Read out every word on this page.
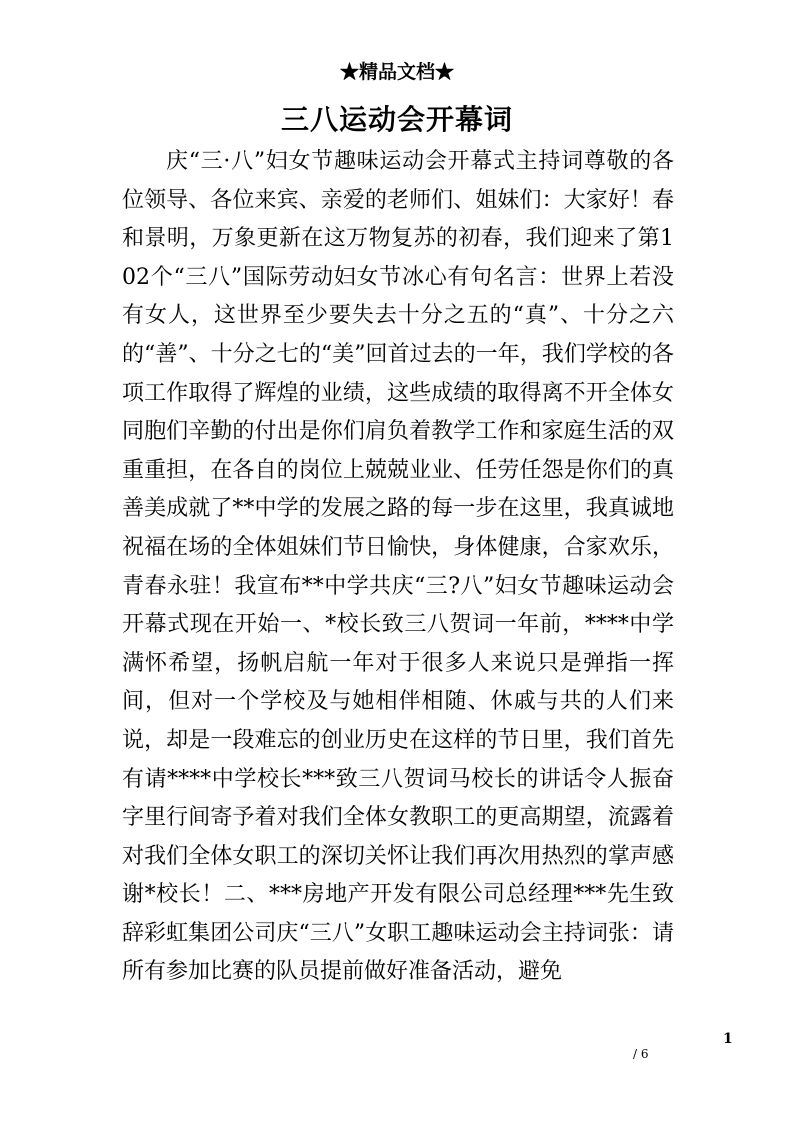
★精品文档★
三八运动会开幕词

庆“三·八”妇女节趣味运动会开幕式主持词尊敬的各位领导、各位来宾、亲爱的老师们、姐妹们：大家好！春和景明，万象更新在这万物复苏的初春，我们迎来了第102个“三八”国际劳动妇女节冰心有句名言：世界上若没有女人，这世界至少要失去十分之五的“真”、十分之六的“善”、十分之七的“美”回首过去的一年，我们学校的各项工作取得了辉煌的业绩，这些成绩的取得离不开全体女同胞们辛勤的付出是你们肩负着教学工作和家庭生活的双重重担，在各自的岗位上兢兢业业、任劳任怨是你们的真善美成就了**中学的发展之路的每一步在这里，我真诚地祝福在场的全体姐妹们节日愉快，身体健康，合家欢乐，青春永驻！我宣布**中学共庆“三?八”妇女节趣味运动会开幕式现在开始一、*校长致三八贺词一年前，****中学满怀希望，扬帆启航一年对于很多人来说只是弹指一挥间，但对一个学校及与她相伴相随、休戚与共的人们来说，却是一段难忘的创业历史在这样的节日里，我们首先有请****中学校长***致三八贺词马校长的讲话令人振奋字里行间寄予着对我们全体女教职工的更高期望，流露着对我们全体女职工的深切关怀让我们再次用热烈的掌声感谢*校长！二、***房地产开发有限公司总经理***先生致辞彩虹集团公司庆“三八”女职工趣味运动会主持词张：请所有参加比赛的队员提前做好准备活动，避免

1
/ 6
